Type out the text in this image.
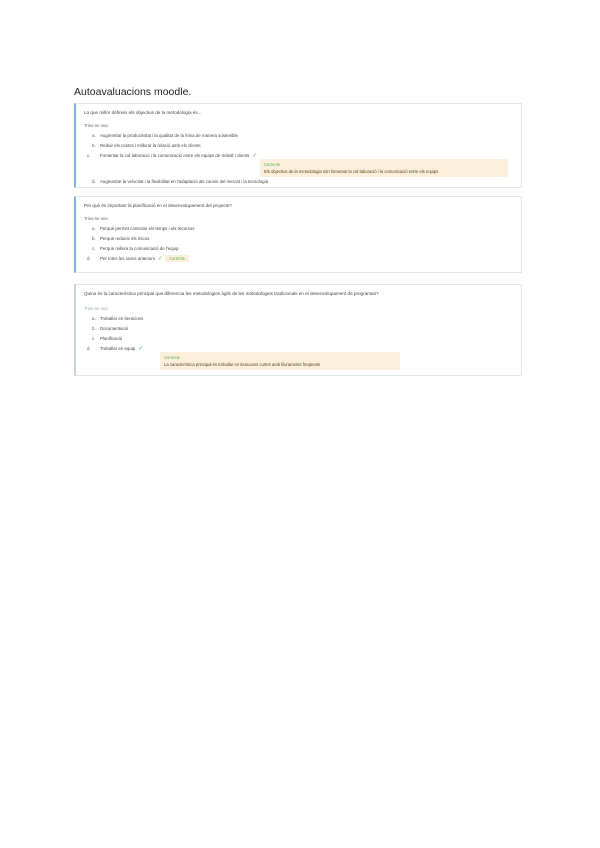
Autoavaluacions moodle.
Lo que millor defineix els objectius de la metodologia és...
Trieu-ne una:
a. Augmentar la productivitat i la qualitat de la feina de manera sostenible
b. Reduir els costos i millorar la relació amb els clients
c. Fomentar la col·laboració i la comunicació entre els equips de treball i clients ✓
Correcte
Els objectius de la metodologia són fomentar la col·laboració i la comunicació entre els equips
d. Augmentar la velocitat i la flexibilitat en l'adaptació als canvis del mercat i la tecnologia
Per què és important la planificació en el desenvolupament del projecte?
Trieu-ne una:
a. Perquè permet controlar els temps i els recursos
b. Perquè redueix els riscos
c. Perquè millora la comunicació de l'equip
d. Per totes les raons anteriors ✓ Correcte
Quina és la característica principal que diferencia les metodologies àgils de les metodologies tradicionals en el desenvolupament de programari?
Trieu-ne una:
a. Treballar en iteracions
b. Documentació
c. Planificació
d. Treballar en equip ✓
Correcte
La característica principal és treballar en iteracions curtes amb lliuraments freqüents
